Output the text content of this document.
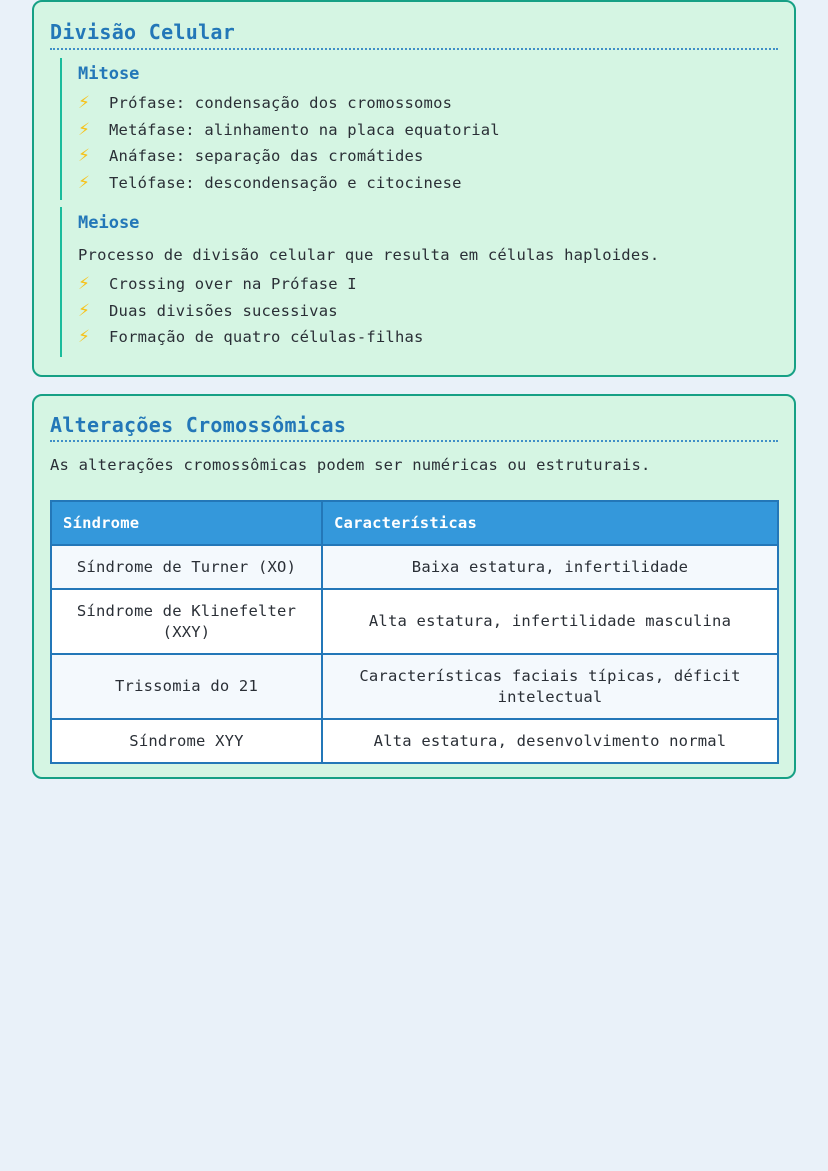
Divisão Celular
Mitose
⚡ Prófase: condensação dos cromossomos
⚡ Metáfase: alinhamento na placa equatorial
⚡ Anáfase: separação das cromátides
⚡ Telófase: descondensação e citocinese
Meiose

Processo de divisão celular que resulta em células haploides.

⚡ Crossing over na Prófase I
⚡ Duas divisões sucessivas
⚡ Formação de quatro células-filhas
Alterações Cromossômicas

As alterações cromossômicas podem ser numéricas ou estruturais.

Síndrome	Características
Síndrome de Turner (XO)	Baixa estatura, infertilidade
Síndrome de Klinefelter (XXY)	Alta estatura, infertilidade masculina
Trissomia do 21	Características faciais típicas, déficit intelectual
Síndrome XYY	Alta estatura, desenvolvimento normal
